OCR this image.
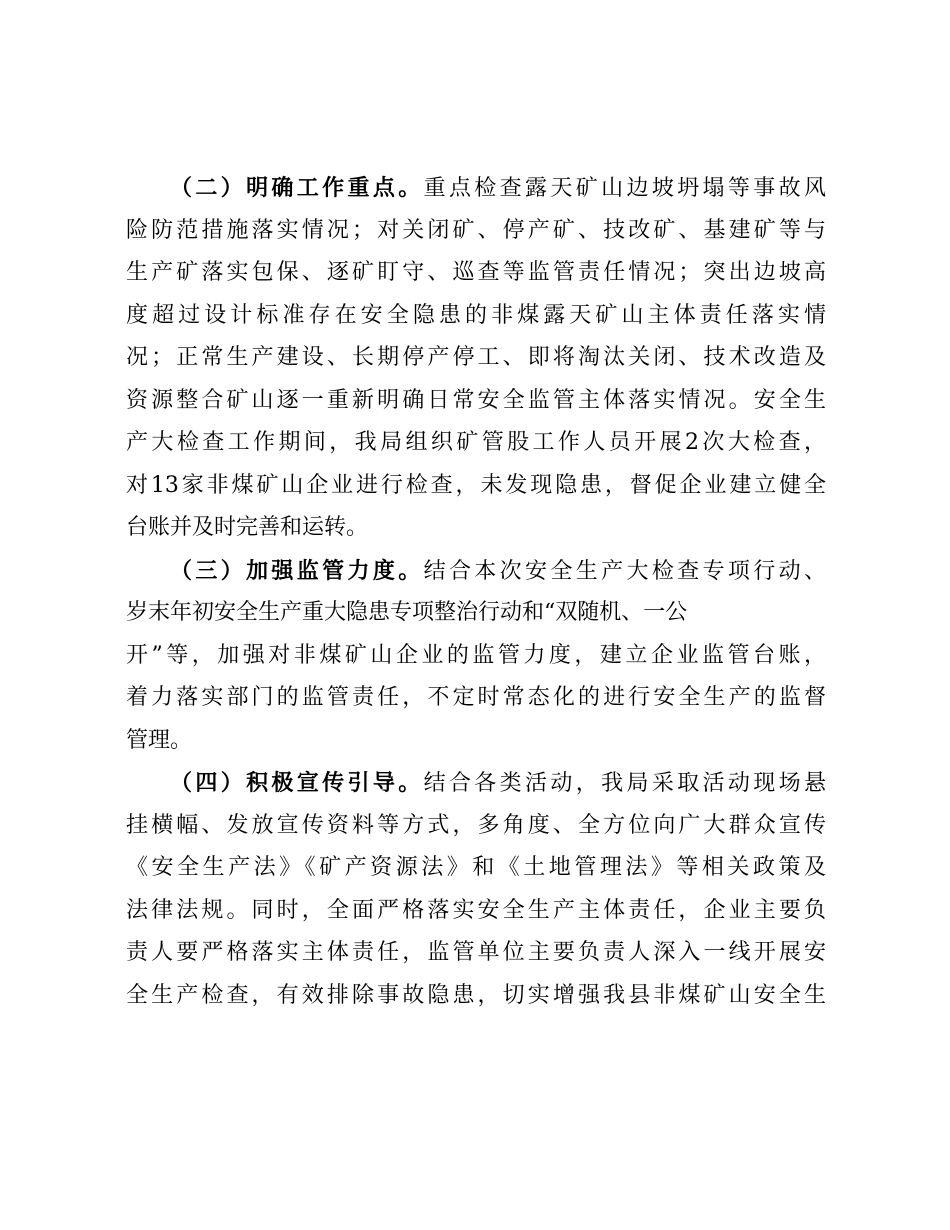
（二）明确工作重点。重点检查露天矿山边坡坍塌等事故风
险防范措施落实情况；对关闭矿、停产矿、技改矿、基建矿等与
生产矿落实包保、逐矿盯守、巡查等监管责任情况；突出边坡高
度超过设计标准存在安全隐患的非煤露天矿山主体责任落实情
况；正常生产建设、长期停产停工、即将淘汰关闭、技术改造及
资源整合矿山逐一重新明确日常安全监管主体落实情况。安全生
产大检查工作期间，我局组织矿管股工作人员开展2次大检查，
对13家非煤矿山企业进行检查，未发现隐患，督促企业建立健全
台账并及时完善和运转。
（三）加强监管力度。结合本次安全生产大检查专项行动、
岁末年初安全生产重大隐患专项整治行动和“双随机、一公
开”等，加强对非煤矿山企业的监管力度，建立企业监管台账，
着力落实部门的监管责任，不定时常态化的进行安全生产的监督
管理。
（四）积极宣传引导。结合各类活动，我局采取活动现场悬
挂横幅、发放宣传资料等方式，多角度、全方位向广大群众宣传
《安全生产法》《矿产资源法》和《土地管理法》等相关政策及
法律法规。同时，全面严格落实安全生产主体责任，企业主要负
责人要严格落实主体责任，监管单位主要负责人深入一线开展安
全生产检查，有效排除事故隐患，切实增强我县非煤矿山安全生
